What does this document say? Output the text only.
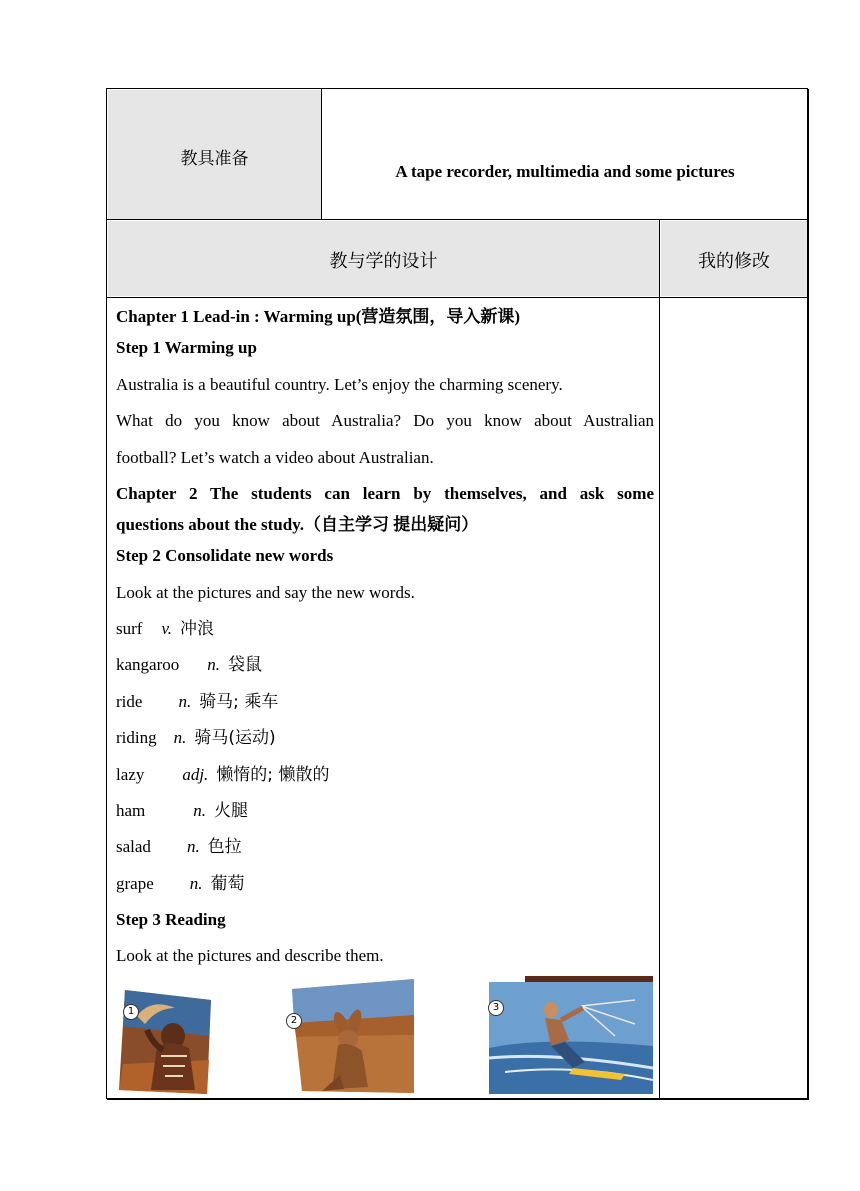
教具准备
A tape recorder, multimedia and some pictures
教与学的设计	我的修改
Chapter 1 Lead-in : Warming up(营造氛围，导入新课)
Step 1 Warming up
Australia is a beautiful country. Let’s enjoy the charming scenery.
What do you know about Australia? Do you know about Australian
football? Let’s watch a video about Australian.
Chapter 2 The students can learn by themselves, and ask some
questions about the study.（自主学习 提出疑问）
Step 2 Consolidate new words
Look at the pictures and say the new words.
surf v. 冲浪
kangaroo n. 袋鼠
ride n. 骑马; 乘车
riding n. 骑马(运动)
lazy adj. 懒惰的; 懒散的
ham	n. 火腿
salad n. 色拉
grape n. 葡萄
Step 3 Reading
Look at the pictures and describe them.
1
2
3
